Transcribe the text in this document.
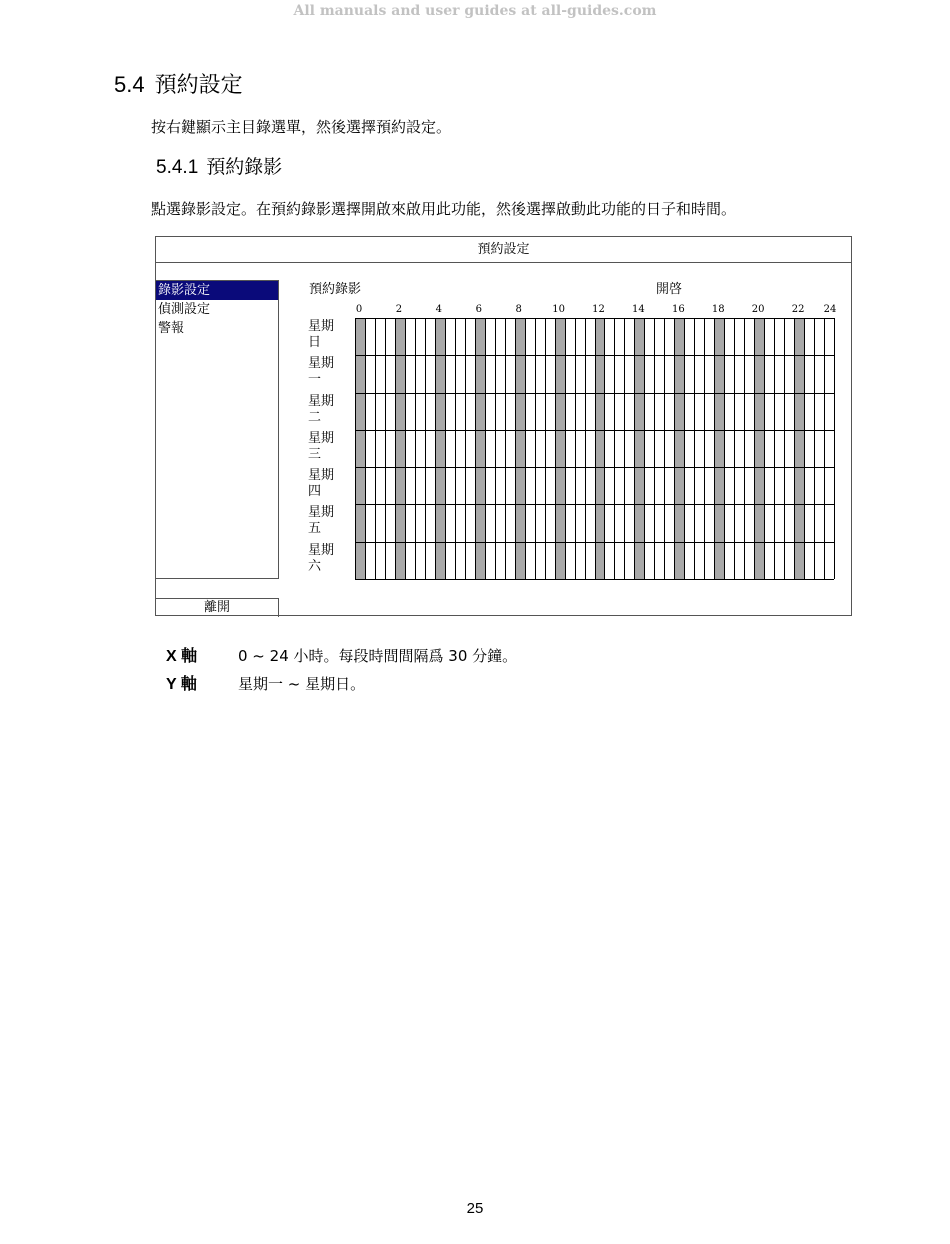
All manuals and user guides at all-guides.com
5.4 預約設定
按右鍵顯示主目錄選單，然後選擇預約設定。
5.4.1 預約錄影
點選錄影設定。在預約錄影選擇開啟來啟用此功能，然後選擇啟動此功能的日子和時間。
預約設定
錄影設定
偵測設定
警報
離開
預約錄影	開啓
0	2	4	6	8	10	12	14	16	18	20	22 24
星期
日
星期
一
星期
二
星期
三
星期
四
星期
五
星期
六
X 軸	0 ~ 24 小時。每段時間間隔爲 30 分鐘。
Y 軸	星期一 ~ 星期日。
25
